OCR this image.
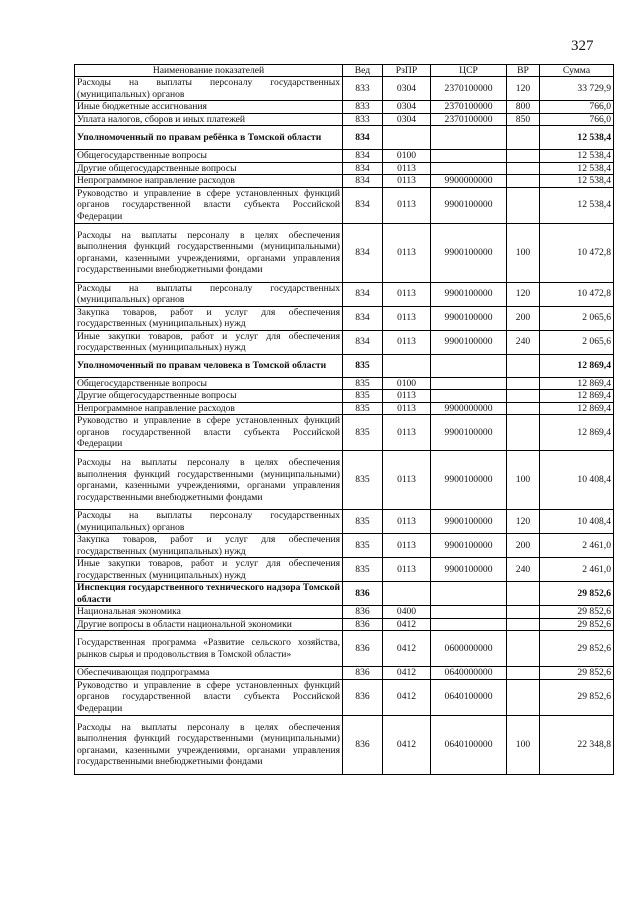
327
Наименование показателей	Вед	РзПР	ЦСР	ВР	Сумма
Расходы на выплаты персоналу государственных (муниципальных) органов	833	0304	2370100000	120	33 729,9
Иные бюджетные ассигнования	833	0304	2370100000	800	766,0
Уплата налогов, сборов и иных платежей	833	0304	2370100000	850	766,0
Уполномоченный по правам ребёнка в Томской области	834				12 538,4
Общегосударственные вопросы	834	0100			12 538,4
Другие общегосударственные вопросы	834	0113			12 538,4
Непрограммное направление расходов	834	0113	9900000000		12 538,4
Руководство и управление в сфере установленных функций органов государственной власти субъекта Российской Федерации	834	0113	9900100000		12 538,4
Расходы на выплаты персоналу в целях обеспечения выполнения функций государственными (муниципальными) органами, казенными учреждениями, органами управления государственными внебюджетными фондами	834	0113	9900100000	100	10 472,8
Расходы на выплаты персоналу государственных (муниципальных) органов	834	0113	9900100000	120	10 472,8
Закупка товаров, работ и услуг для обеспечения государственных (муниципальных) нужд	834	0113	9900100000	200	2 065,6
Иные закупки товаров, работ и услуг для обеспечения государственных (муниципальных) нужд	834	0113	9900100000	240	2 065,6
Уполномоченный по правам человека в Томской области	835				12 869,4
Общегосударственные вопросы	835	0100			12 869,4
Другие общегосударственные вопросы	835	0113			12 869,4
Непрограммное направление расходов	835	0113	9900000000		12 869,4
Руководство и управление в сфере установленных функций органов государственной власти субъекта Российской Федерации	835	0113	9900100000		12 869,4
Расходы на выплаты персоналу в целях обеспечения выполнения функций государственными (муниципальными) органами, казенными учреждениями, органами управления государственными внебюджетными фондами	835	0113	9900100000	100	10 408,4
Расходы на выплаты персоналу государственных (муниципальных) органов	835	0113	9900100000	120	10 408,4
Закупка товаров, работ и услуг для обеспечения государственных (муниципальных) нужд	835	0113	9900100000	200	2 461,0
Иные закупки товаров, работ и услуг для обеспечения государственных (муниципальных) нужд	835	0113	9900100000	240	2 461,0
Инспекция государственного технического надзора Томской области	836				29 852,6
Национальная экономика	836	0400			29 852,6
Другие вопросы в области национальной экономики	836	0412			29 852,6
Государственная программа «Развитие сельского хозяйства, рынков сырья и продовольствия в Томской области»	836	0412	0600000000		29 852,6
Обеспечивающая подпрограмма	836	0412	0640000000		29 852,6
Руководство и управление в сфере установленных функций органов государственной власти субъекта Российской Федерации	836	0412	0640100000		29 852,6
Расходы на выплаты персоналу в целях обеспечения выполнения функций государственными (муниципальными) органами, казенными учреждениями, органами управления государственными внебюджетными фондами	836	0412	0640100000	100	22 348,8
